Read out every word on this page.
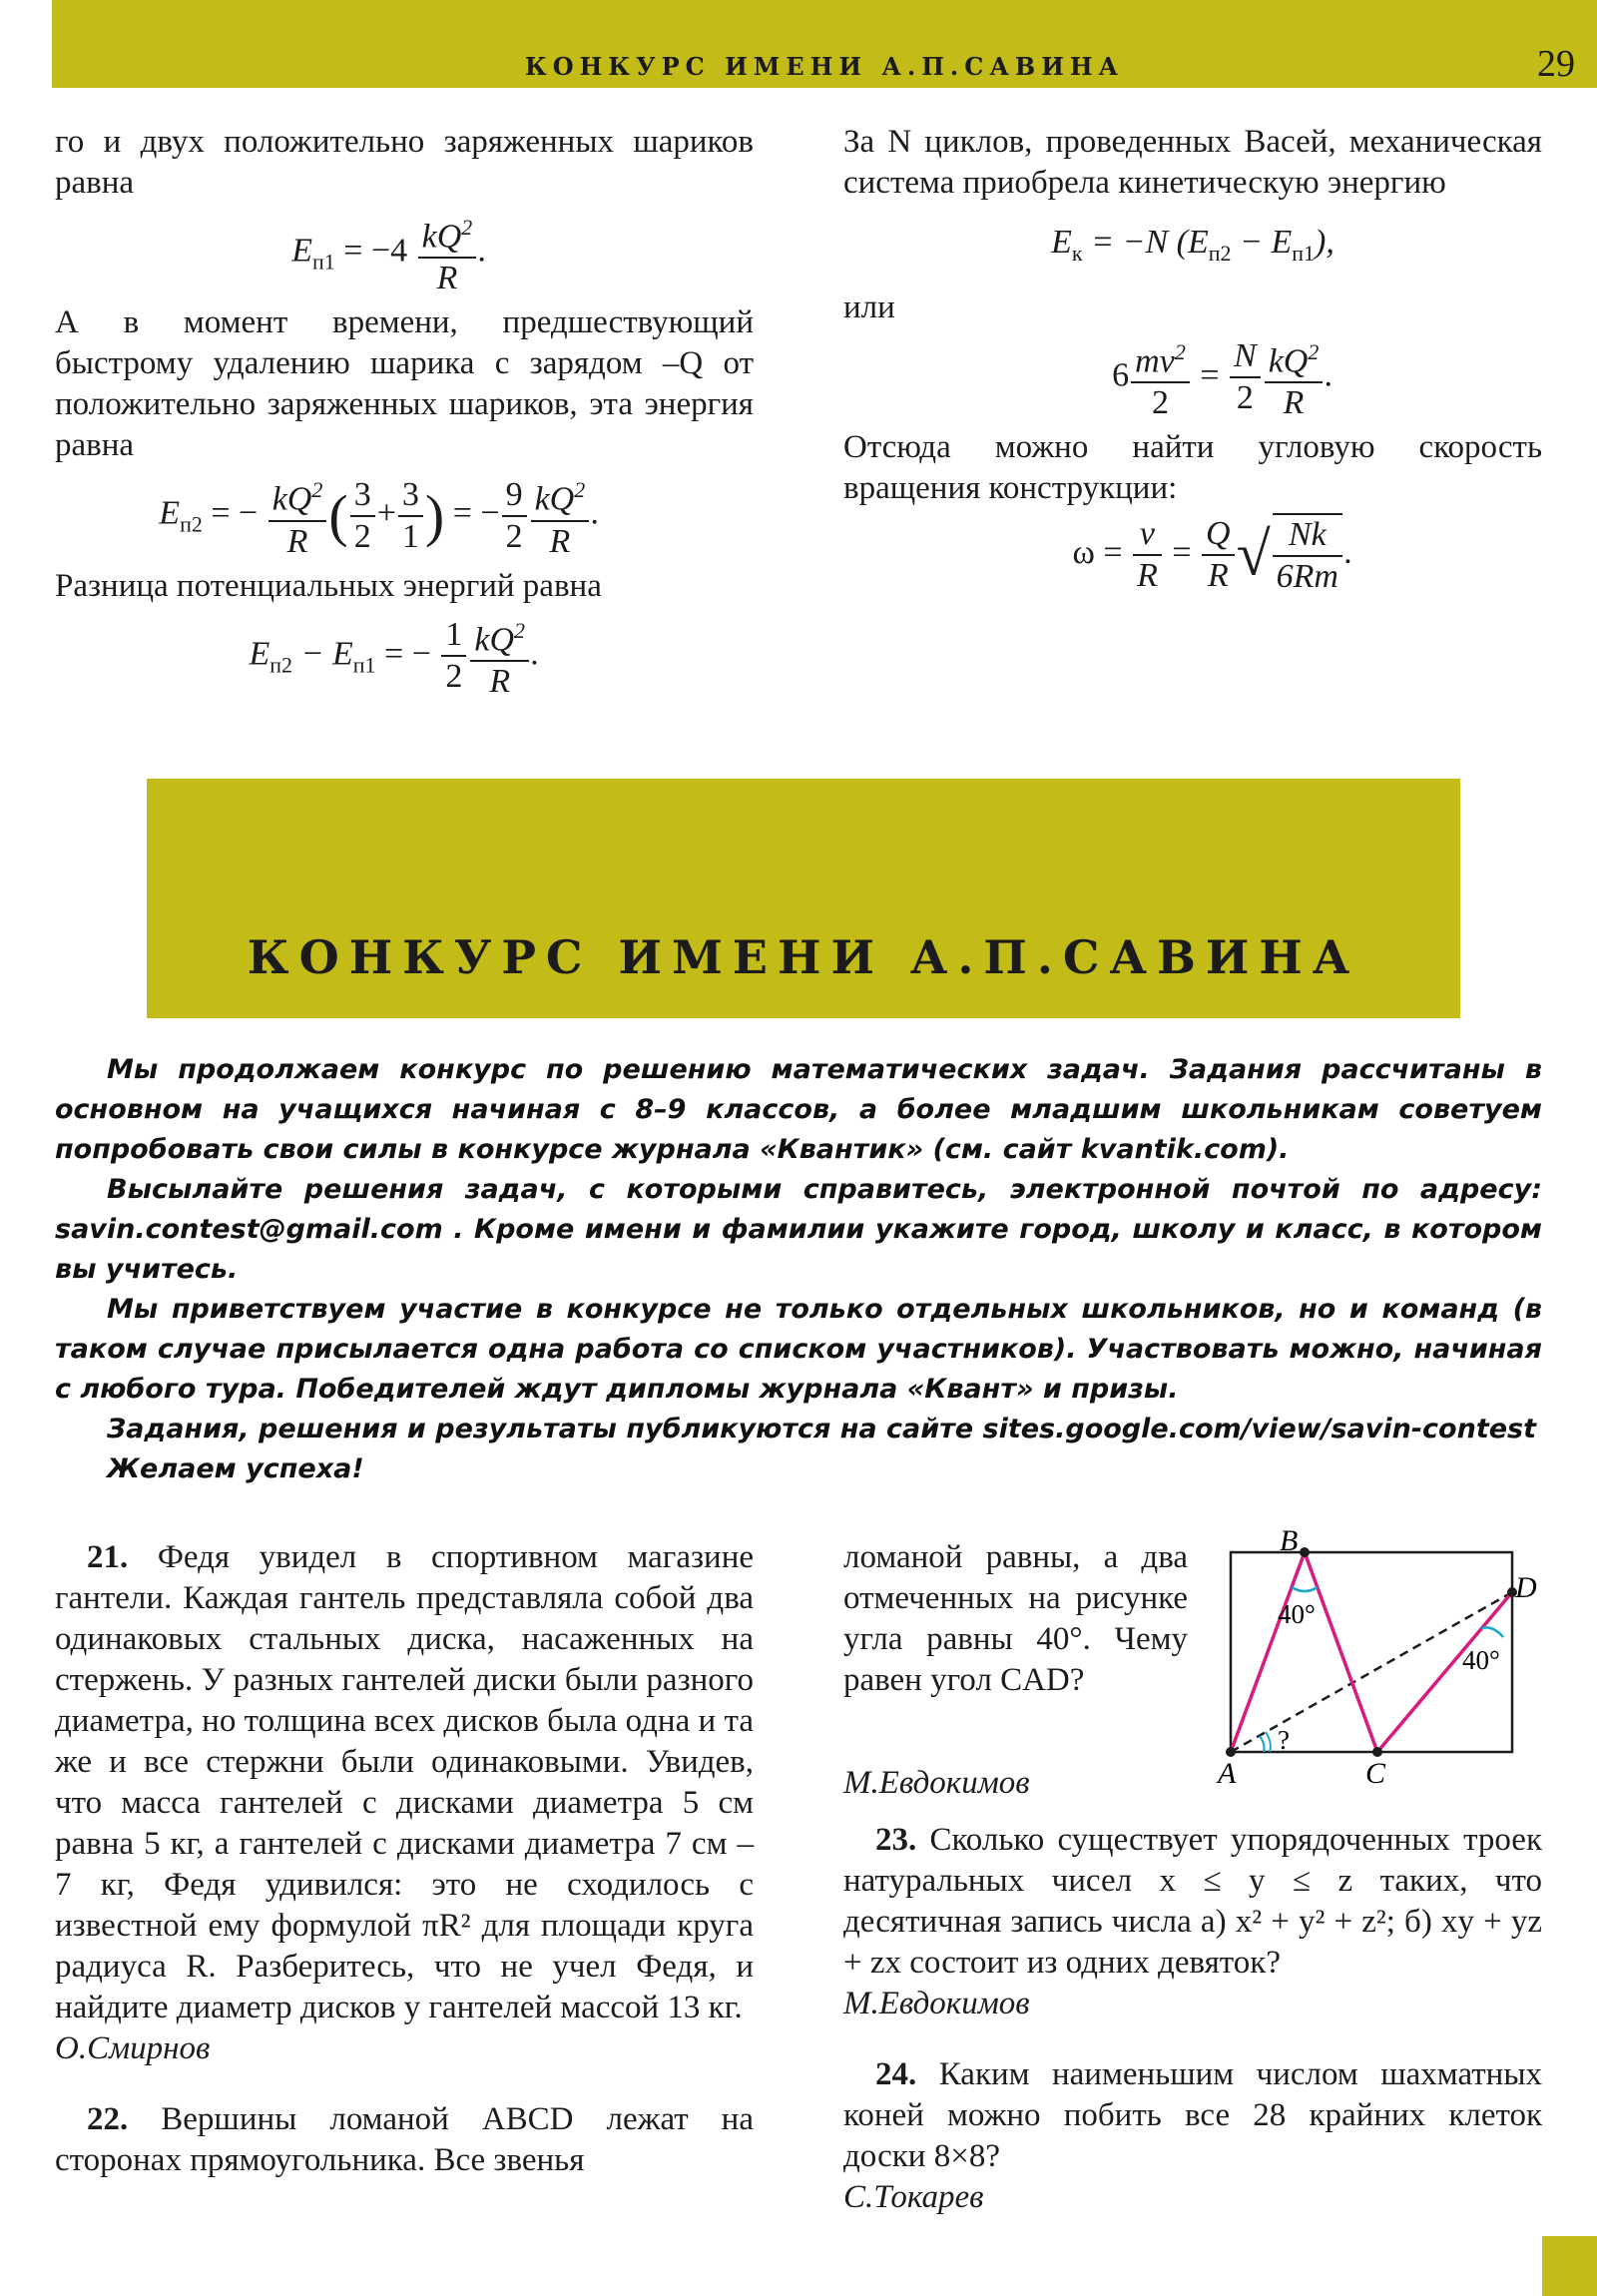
КОНКУРС ИМЕНИ А.П.САВИНА	29

го и двух положительно заряженных шариков равна

$E_{п1} = -4 \frac{kQ^2}{R}$ .

А в момент времени, предшествующий быстрому удалению шарика с зарядом –Q от положительно заряженных шариков, эта энергия равна

$E_{п2}$ = − $\frac{kQ^2}{R}$ ( $\frac{3}{2} + \frac{3}{1}$ ) = − $\frac{9}{2} \frac{kQ^2}{R}$ .

Разница потенциальных энергий равна

$E_{п2} - E_{п1}$ = − $\frac{1}{2} \frac{kQ^2}{R}$ .

За N циклов, проведенных Васей, механическая система приобрела кинетическую энергию

$E_к = -N$ $(E_{п2} - E_{п1})$,

или

$6 \frac{mv^2}{2} = \frac{N}{2} \frac{kQ^2}{R}$ .

Отсюда можно найти угловую скорость вращения конструкции:

$\omega = \frac{v}{R} = \frac{Q}{R}$ √ $\frac{Nk}{6Rm}$ .
КОНКУРС ИМЕНИ А.П.САВИНА

Мы продолжаем конкурс по решению математических задач. Задания рассчитаны в основном на учащихся начиная с 8–9 классов, а более младшим школьникам советуем попробовать свои силы в конкурсе журнала «Квантик» (см. сайт kvantik.com).

Высылайте решения задач, с которыми справитесь, электронной почтой по адресу: savin.contest@gmail.com . Кроме имени и фамилии укажите город, школу и класс, в котором вы учитесь.

Мы приветствуем участие в конкурсе не только отдельных школьников, но и команд (в таком случае присылается одна работа со списком участников). Участвовать можно, начиная с любого тура. Победителей ждут дипломы журнала «Квант» и призы.

Задания, решения и результаты публикуются на сайте sites.google.com/view/savin-contest

Желаем успеха!

21. Федя увидел в спортивном магазине гантели. Каждая гантель представляла собой два одинаковых стальных диска, насаженных на стержень. У разных гантелей диски были разного диаметра, но толщина всех дисков была одна и та же и все стержни были одинаковыми. Увидев, что масса гантелей с дисками диаметра 5 см равна 5 кг, а гантелей с дисками диаметра 7 см – 7 кг, Федя удивился: это не сходилось с известной ему формулой πR² для площади круга радиуса R. Разберитесь, что не учел Федя, и найдите диаметр дисков у гантелей массой 13 кг.

О.Смирнов

22. Вершины ломаной ABCD лежат на сторонах прямоугольника. Все звенья

A
B
C
D
40°
40°
?
ломаной равны, а два отмеченных на рисунке угла равны 40°. Чему равен угол CAD?

М.Евдокимов

23. Сколько существует упорядоченных троек натуральных чисел x ≤ y ≤ z таких, что десятичная запись числа а) x² + y² + z²; б) xy + yz + zx состоит из одних девяток?

М.Евдокимов

24. Каким наименьшим числом шахматных коней можно побить все 28 крайних клеток доски 8×8?

С.Токарев
